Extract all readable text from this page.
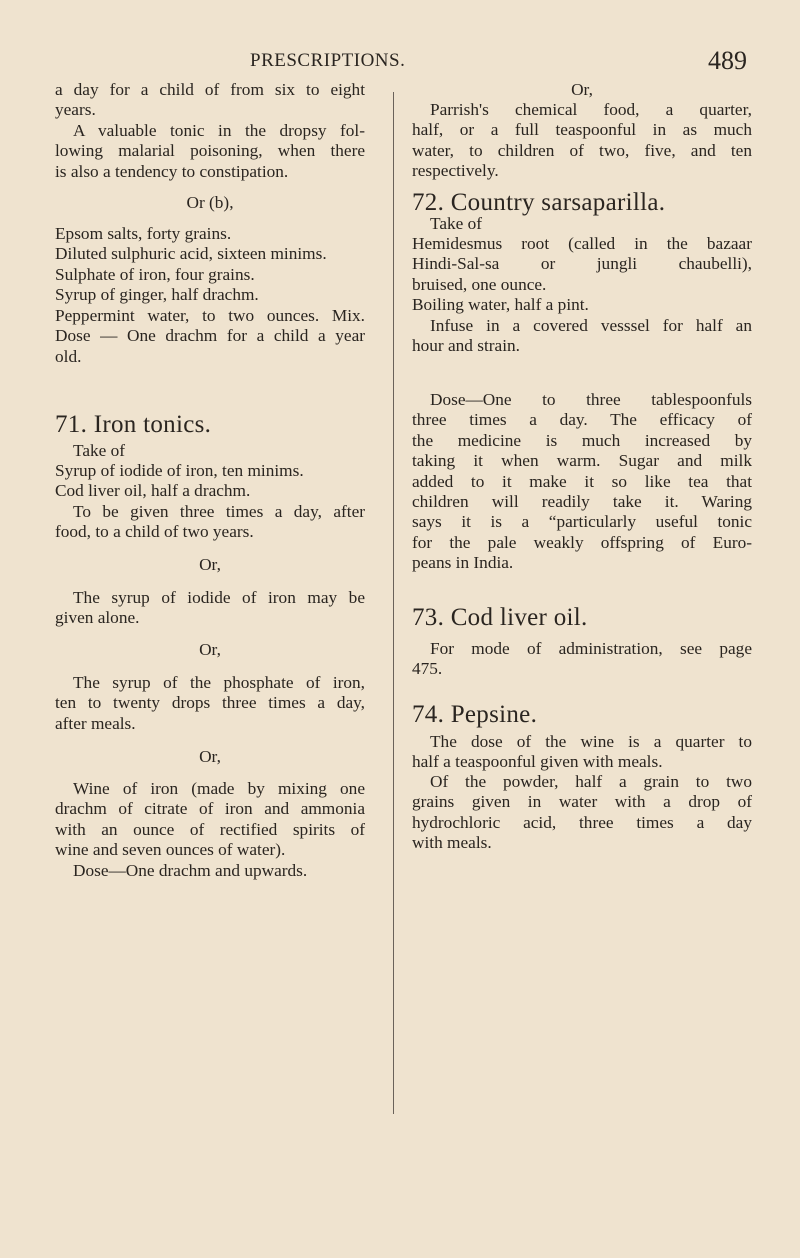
PRESCRIPTIONS.	489
a day for a child of from six to eight
years.
A valuable tonic in the dropsy fol-
lowing malarial poisoning, when there
is also a tendency to constipation.
Or (b),
Epsom salts, forty grains.
Diluted sulphuric acid, sixteen minims.
Sulphate of iron, four grains.
Syrup of ginger, half drachm.
Peppermint water, to two ounces. Mix.
Dose — One drachm for a child a year
old.
71. Iron tonics.
Take of
Syrup of iodide of iron, ten minims.
Cod liver oil, half a drachm.
To be given three times a day, after
food, to a child of two years.
Or,
The syrup of iodide of iron may be
given alone.
Or,
The syrup of the phosphate of iron,
ten to twenty drops three times a day,
after meals.
Or,
Wine of iron (made by mixing one
drachm of citrate of iron and ammonia
with an ounce of rectified spirits of
wine and seven ounces of water).
Dose—One drachm and upwards.
Or,
Parrish's chemical food, a quarter,
half, or a full teaspoonful in as much
water, to children of two, five, and ten
respectively.
72. Country sarsaparilla.
Take of
Hemidesmus root (called in the bazaar
Hindi-Sal-sa or jungli chaubelli),
bruised, one ounce.
Boiling water, half a pint.
Infuse in a covered vesssel for half an
hour and strain.
Dose—One to three tablespoonfuls
three times a day. The efficacy of
the medicine is much increased by
taking it when warm. Sugar and milk
added to it make it so like tea that
children will readily take it. Waring
says it is a “particularly useful tonic
for the pale weakly offspring of Euro-
peans in India.
73. Cod liver oil.
For mode of administration, see page
475.
74. Pepsine.
The dose of the wine is a quarter to
half a teaspoonful given with meals.
Of the powder, half a grain to two
grains given in water with a drop of
hydrochloric acid, three times a day
with meals.
